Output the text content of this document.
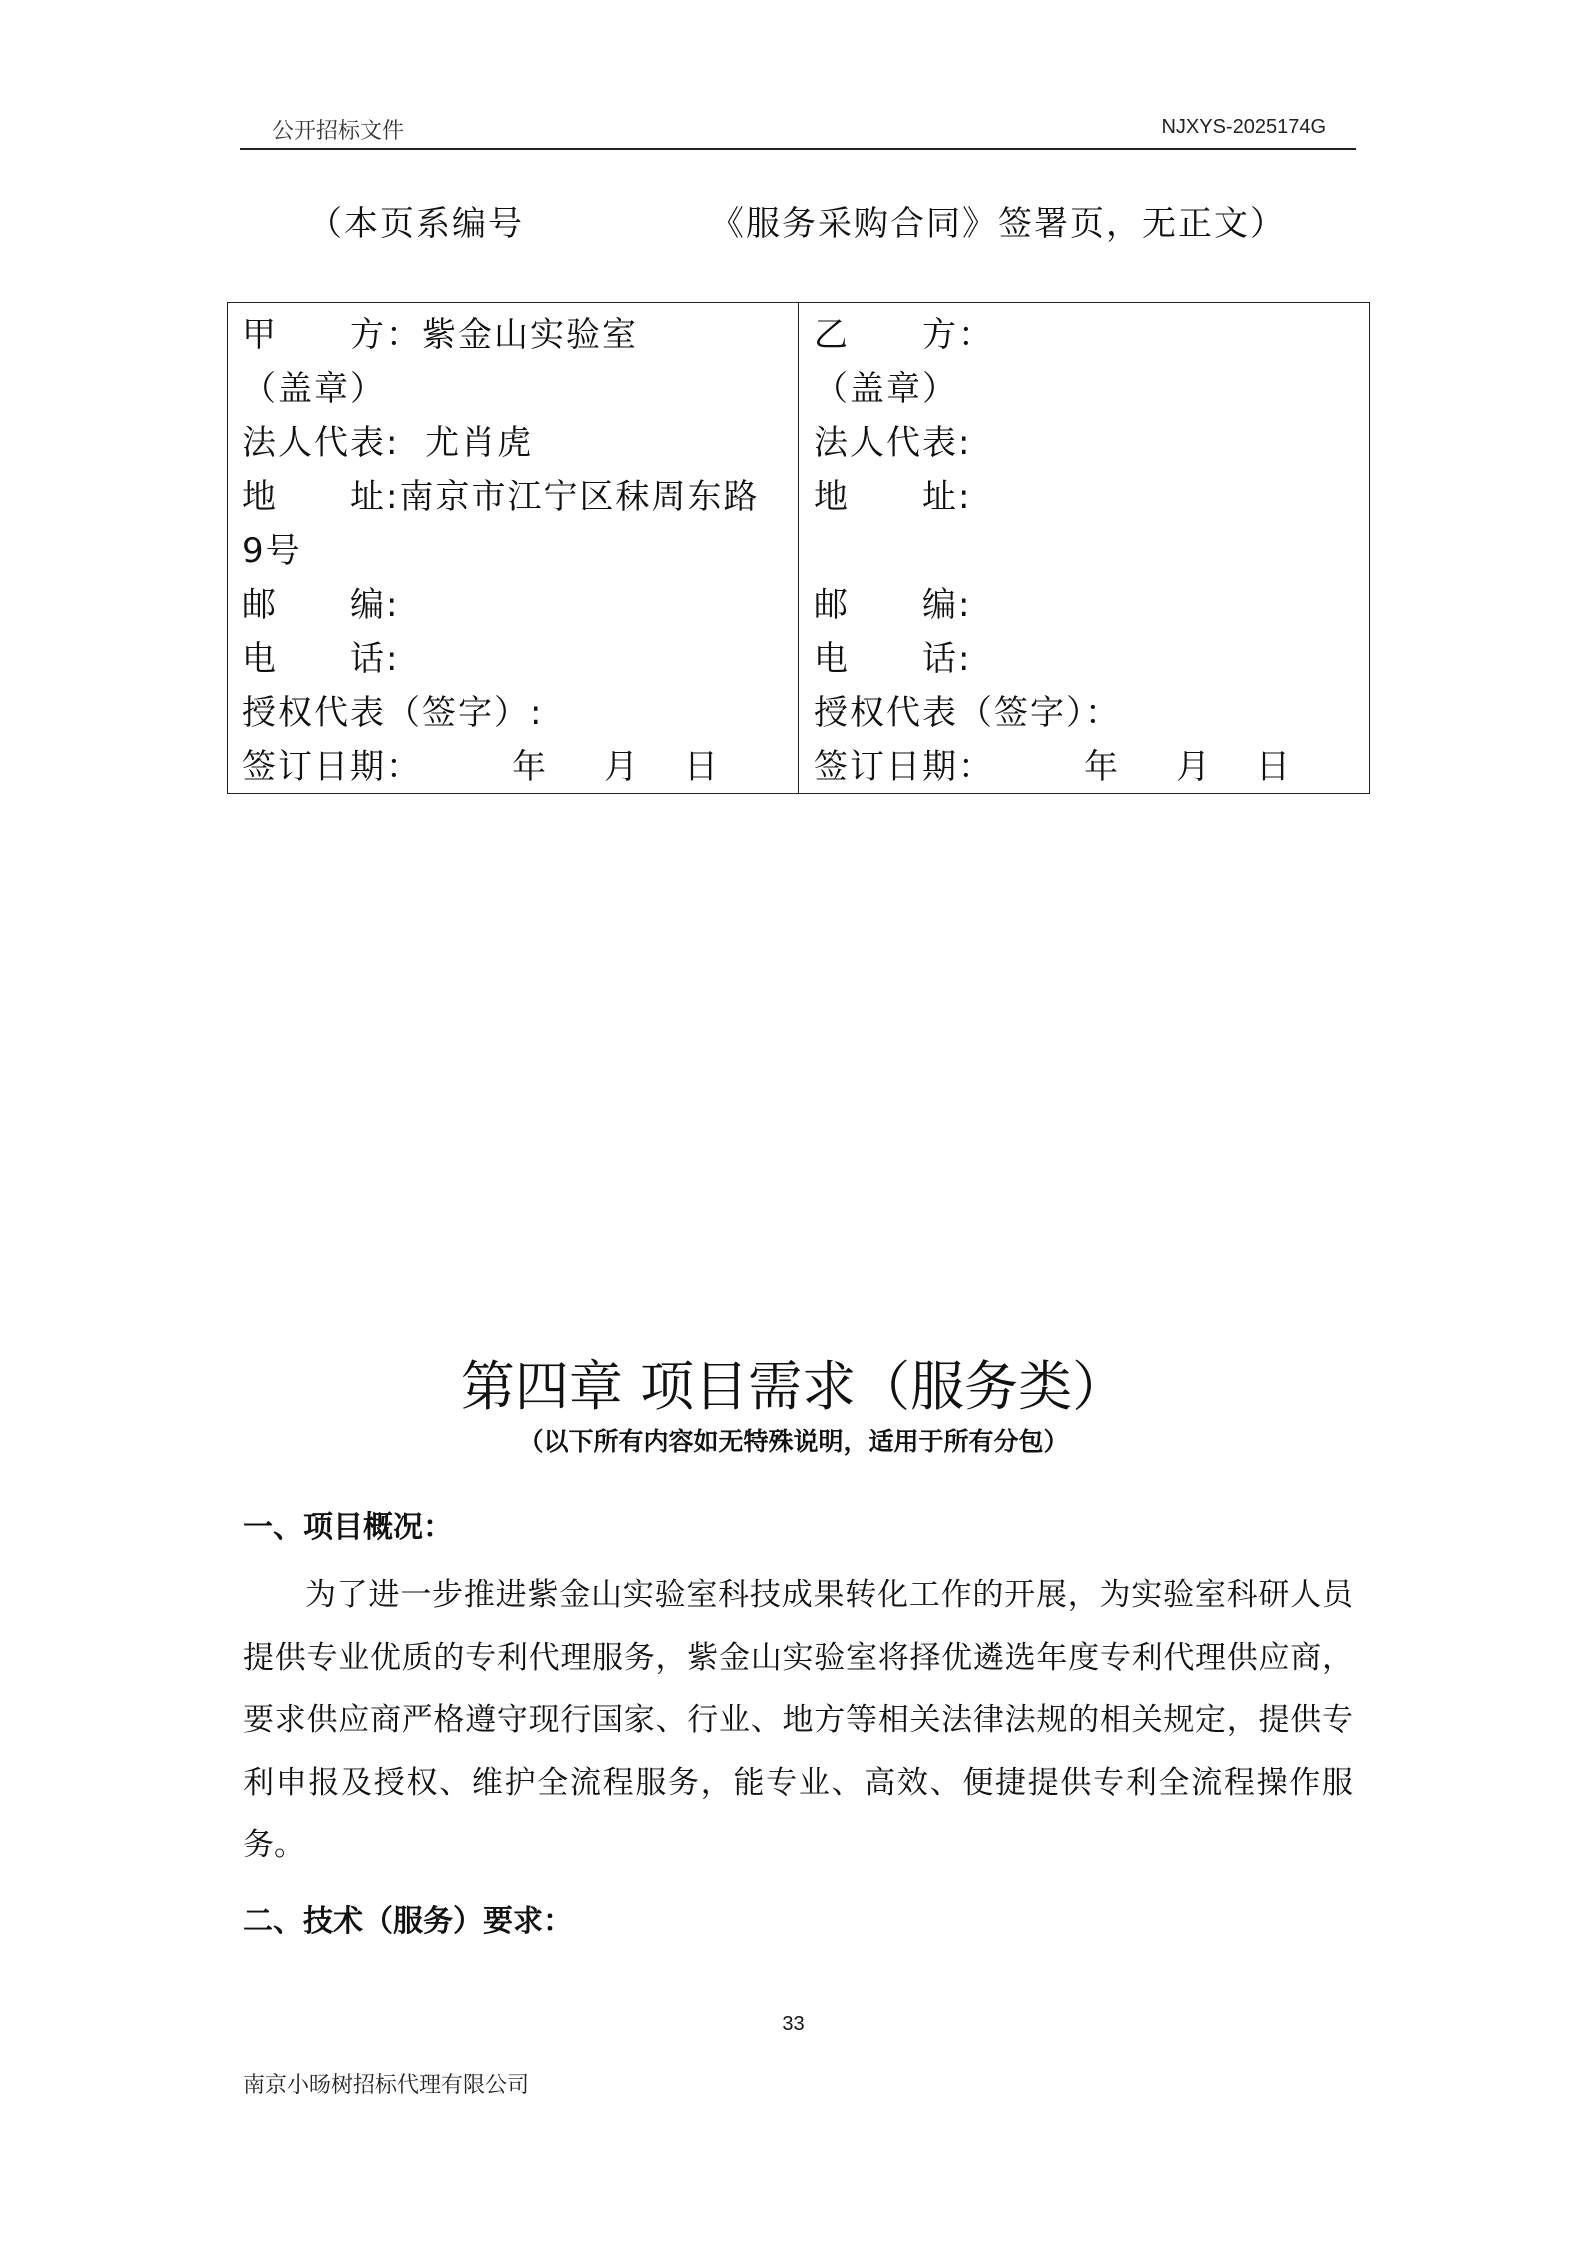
公开招标文件	NJXYS-2025174G
（本页系编号	《服务采购合同》签署页，无正文）
甲　　方：紫金山实验室
（盖章）
法人代表: 尤肖虎
地　　址:南京市江宁区秣周东路
9号
邮　　编:
电　　话:
授权代表（签字）:
签订日期：	年 月 日
乙　　方：
（盖章）
法人代表:
地　　址:
邮　　编:
电　　话:
授权代表（签字）：
签订日期：	年 月 日
第四章 项目需求（服务类）
（以下所有内容如无特殊说明，适用于所有分包）
一、项目概况：
为了进一步推进紫金山实验室科技成果转化工作的开展，为实验室科研人员提供专业优质的专利代理服务，紫金山实验室将择优遴选年度专利代理供应商，要求供应商严格遵守现行国家、行业、地方等相关法律法规的相关规定，提供专利申报及授权、维护全流程服务，能专业、高效、便捷提供专利全流程操作服务。
二、技术（服务）要求：
33
南京小旸树招标代理有限公司
